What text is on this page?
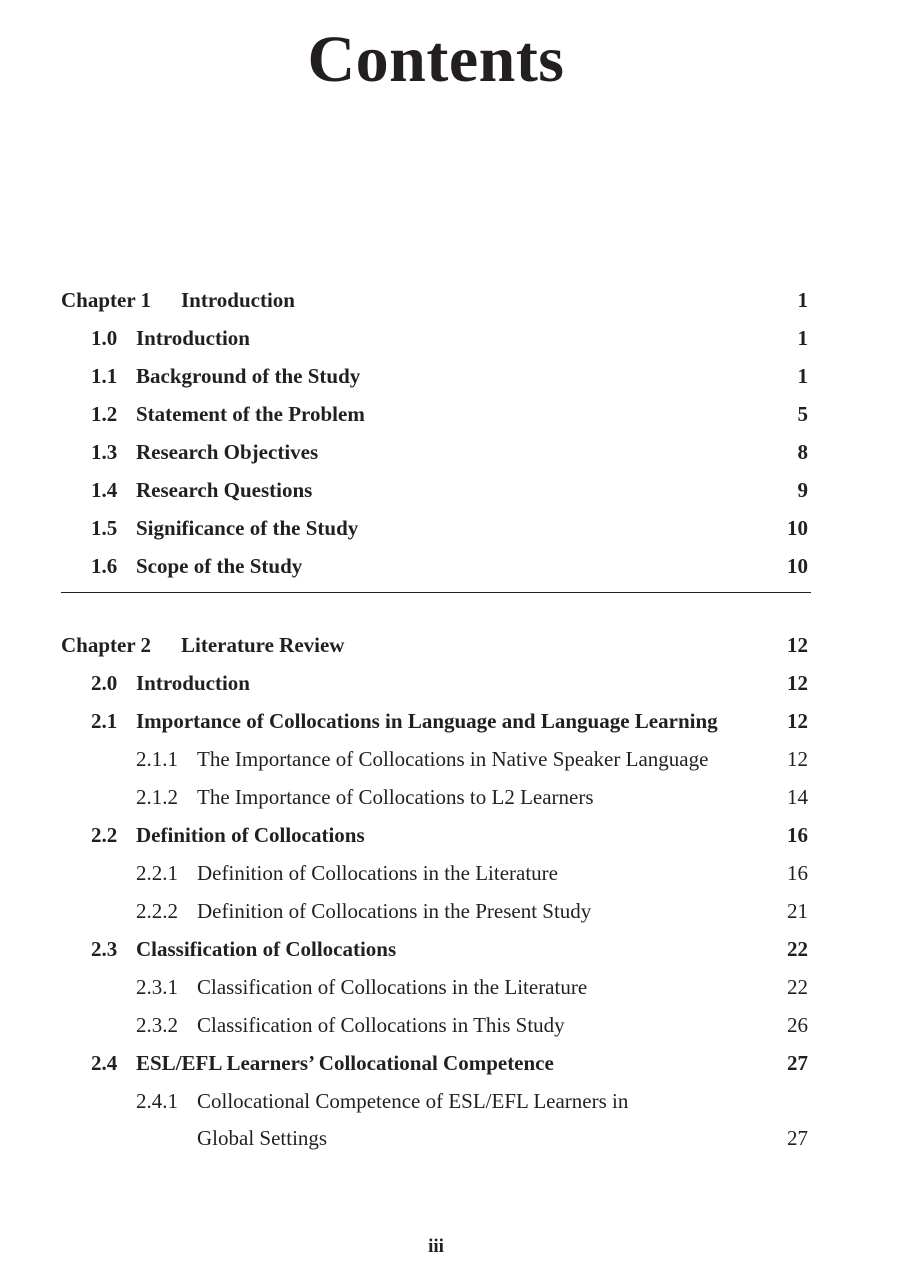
Contents
Chapter 1 Introduction	1
1.0 Introduction	1
1.1 Background of the Study	1
1.2 Statement of the Problem	5
1.3 Research Objectives	8
1.4 Research Questions	9
1.5 Significance of the Study	10
1.6 Scope of the Study	10
Chapter 2 Literature Review	12
2.0 Introduction	12
2.1 Importance of Collocations in Language and Language Learning	12
2.1.1 The Importance of Collocations in Native Speaker Language	12
2.1.2 The Importance of Collocations to L2 Learners	14
2.2 Definition of Collocations	16
2.2.1 Definition of Collocations in the Literature	16
2.2.2 Definition of Collocations in the Present Study	21
2.3 Classification of Collocations	22
2.3.1 Classification of Collocations in the Literature	22
2.3.2 Classification of Collocations in This Study	26
2.4 ESL/EFL Learners’ Collocational Competence	27
2.4.1 Collocational Competence of ESL/EFL Learners in
Global Settings	27
iii
